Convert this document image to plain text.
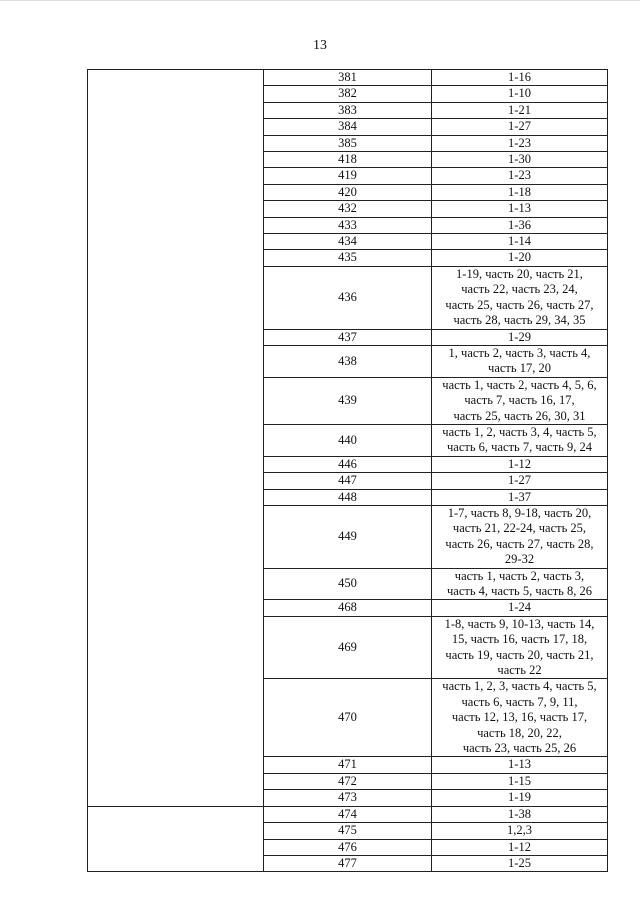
13
	381	1-16

	382	1-10

	383	1-21

	384	1-27

	385	1-23

	418	1-30

	419	1-23

	420	1-18

	432	1-13

	433	1-36

	434	1-14

	435	1-20

	436	1-19, часть 20, часть 21,
часть 22, часть 23, 24,
часть 25, часть 26, часть 27,
часть 28, часть 29, 34, 35

	437	1-29

	438	1, часть 2, часть 3, часть 4,
часть 17, 20

	439	часть 1, часть 2, часть 4, 5, 6,
часть 7, часть 16, 17,
часть 25, часть 26, 30, 31

	440	часть 1, 2, часть 3, 4, часть 5,
часть 6, часть 7, часть 9, 24

	446	1-12

	447	1-27

	448	1-37

	449	1-7, часть 8, 9-18, часть 20,
часть 21, 22-24, часть 25,
часть 26, часть 27, часть 28,
29-32

	450	часть 1, часть 2, часть 3,
часть 4, часть 5, часть 8, 26

	468	1-24

	469	1-8, часть 9, 10-13, часть 14,
15, часть 16, часть 17, 18,
часть 19, часть 20, часть 21,
часть 22

	470	часть 1, 2, 3, часть 4, часть 5,
часть 6, часть 7, 9, 11,
часть 12, 13, 16, часть 17,
часть 18, 20, 22,
часть 23, часть 25, 26

	471	1-13

	472	1-15

	473	1-19

	474	1-38

	475	1,2,3

	476	1-12

	477	1-25
